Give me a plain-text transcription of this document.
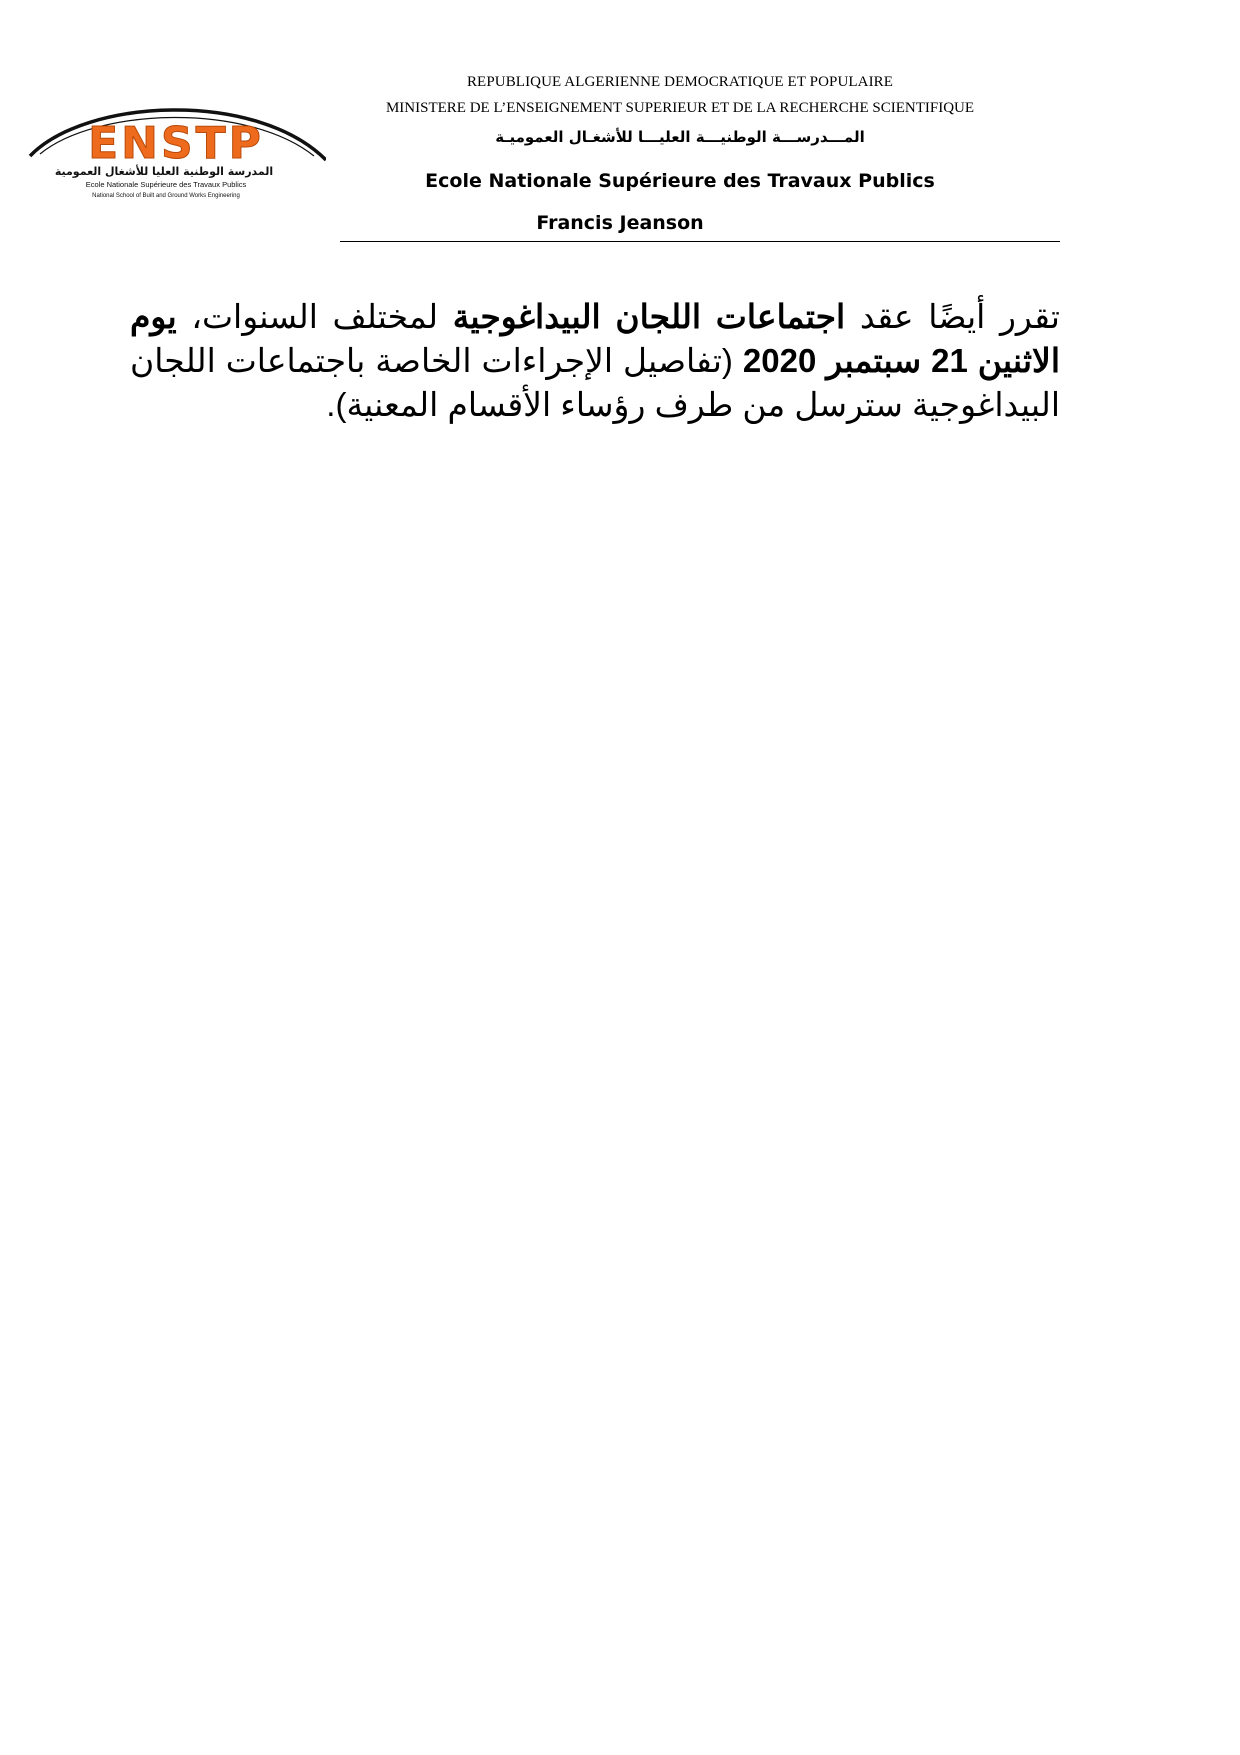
ENSTP
المدرسة الوطنية العليا للأشغال العمومية
Ecole Nationale Supérieure des Travaux Publics
National School of Built and Ground Works Engineering
REPUBLIQUE ALGERIENNE DEMOCRATIQUE ET POPULAIRE
MINISTERE DE L’ENSEIGNEMENT SUPERIEUR ET DE LA RECHERCHE SCIENTIFIQUE
المـــدرســـة الوطنيـــة العليـــا للأشغـال العموميـة
Ecole Nationale Supérieure des Travaux Publics
Francis Jeanson
تقرر أيضًا عقد اجتماعات اللجان البيداغوجية لمختلف السنوات، يوم الاثنين 21 سبتمبر 2020 (تفاصيل الإجراءات الخاصة باجتماعات اللجان البيداغوجية سترسل من طرف رؤساء الأقسام المعنية).
